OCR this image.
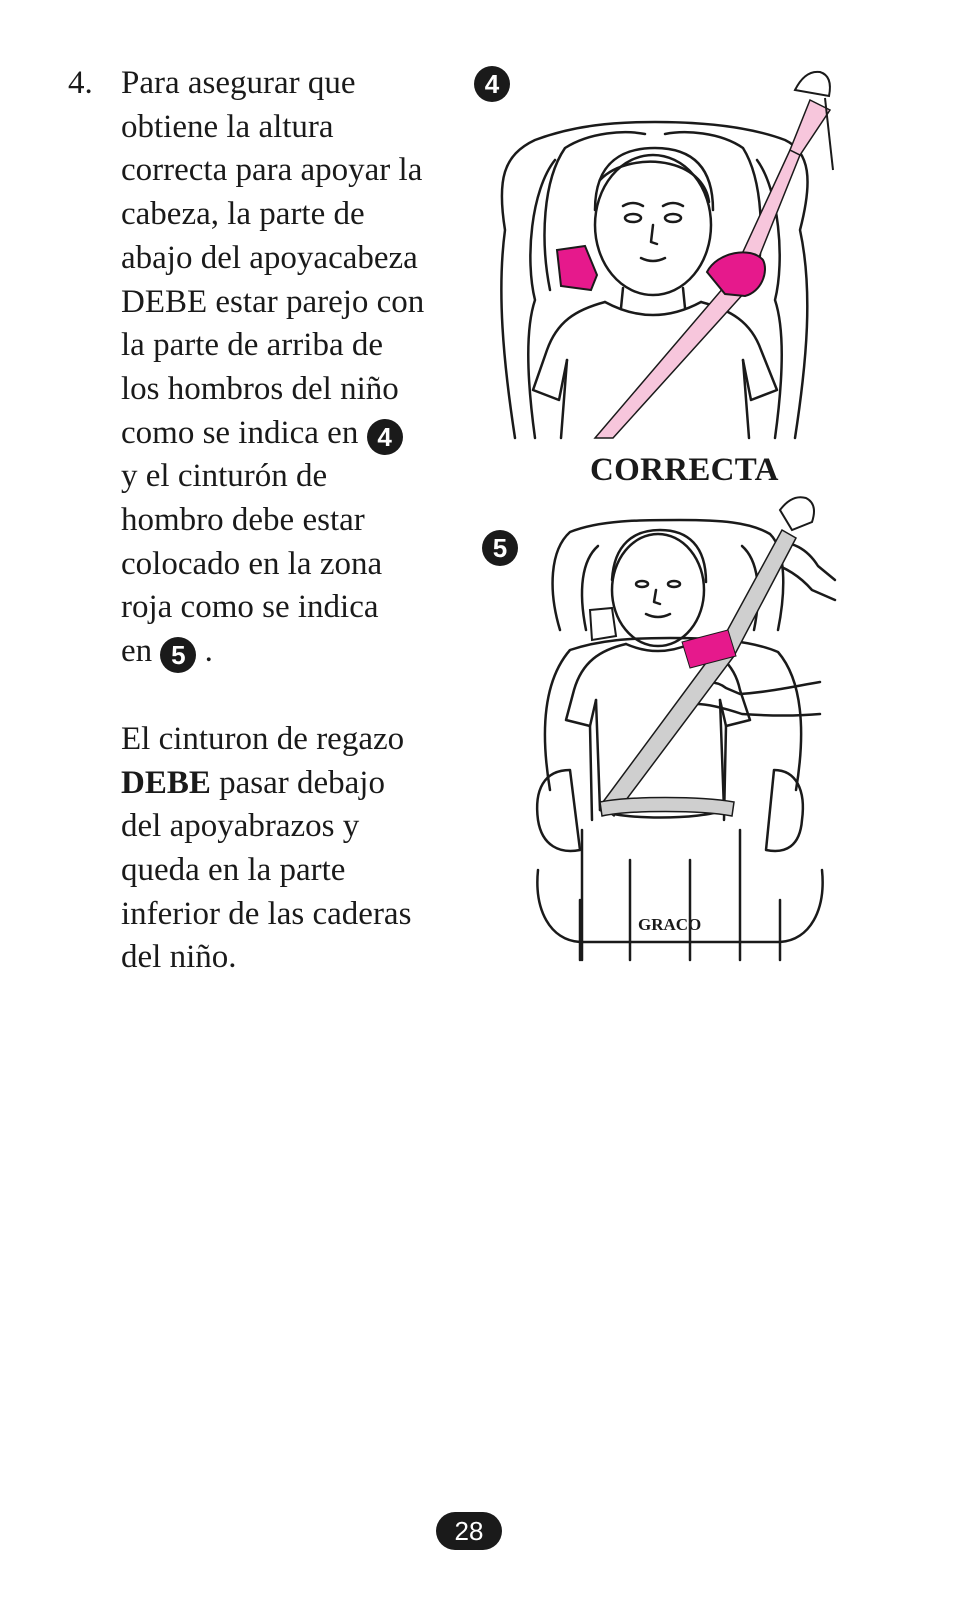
4. Para asegurar que
obtiene la altura
correcta para apoyar la
cabeza, la parte de
abajo del apoyacabeza
DEBE estar parejo con
la parte de arriba de
los hombros del niño
como se indica en 4
y el cinturón de
hombro debe estar
colocado en la zona
roja como se indica
en 5 .
El cinturon de regazo
DEBE pasar debajo
del apoyabrazos y
queda en la parte
inferior de las caderas
del niño.
4
CORRECTA
5
GRACO
28
